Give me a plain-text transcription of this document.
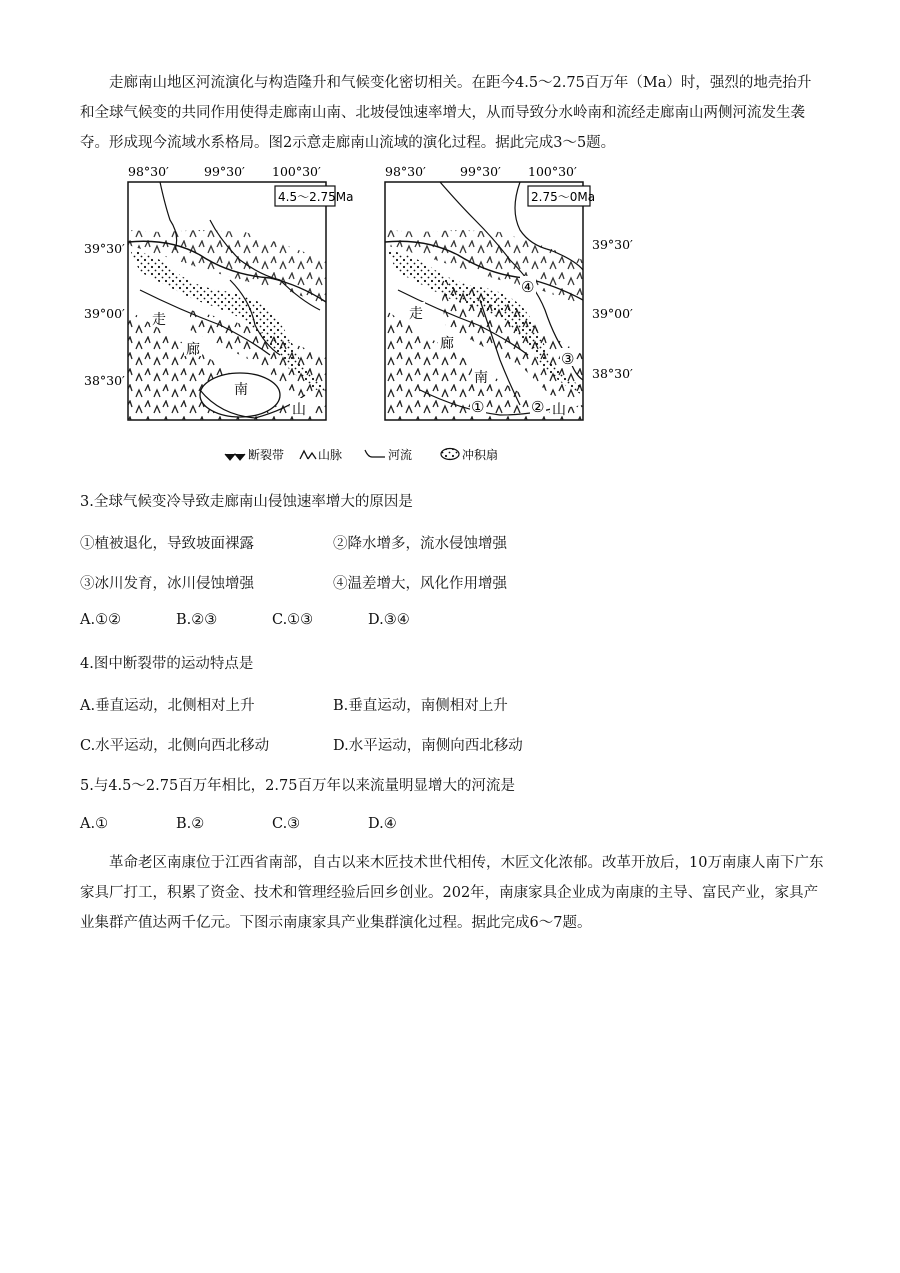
走廊南山地区河流演化与构造隆升和气候变化密切相关。在距今4.5～2.75百万年（Ma）时，强烈的地壳抬升和全球气候变的共同作用使得走廊南山南、北坡侵蚀速率增大，从而导致分水岭南和流经走廊南山两侧河流发生袭夺。形成现今流域水系格局。图2示意走廊南山流域的演化过程。据此完成3～5题。

4.5～2.75Ma
98°30′	99°30′ 100°30′
39°30′
39°00′
38°30′
走
廊
南
山
2.75～0Ma
98°30′	99°30′ 100°30′
39°30′
39°00′
38°30′
走
廊
南
山
①	②
③
④
断裂带	山脉	河流	冲积扇

3.全球气候变冷导致走廊南山侵蚀速率增大的原因是

①植被退化，导致坡面裸露	②降水增多，流水侵蚀增强
③冰川发育，冰川侵蚀增强	④温差增大，风化作用增强
A.①②	B.②③	C.①③	D.③④

4.图中断裂带的运动特点是

A.垂直运动，北侧相对上升	B.垂直运动，南侧相对上升
C.水平运动，北侧向西北移动	D.水平运动，南侧向西北移动

5.与4.5～2.75百万年相比，2.75百万年以来流量明显增大的河流是

A.①	B.②	C.③	D.④

革命老区南康位于江西省南部，自古以来木匠技术世代相传，木匠文化浓郁。改革开放后，10万南康人南下广东家具厂打工，积累了资金、技术和管理经验后回乡创业。202年，南康家具企业成为南康的主导、富民产业，家具产业集群产值达两千亿元。下图示南康家具产业集群演化过程。据此完成6～7题。
